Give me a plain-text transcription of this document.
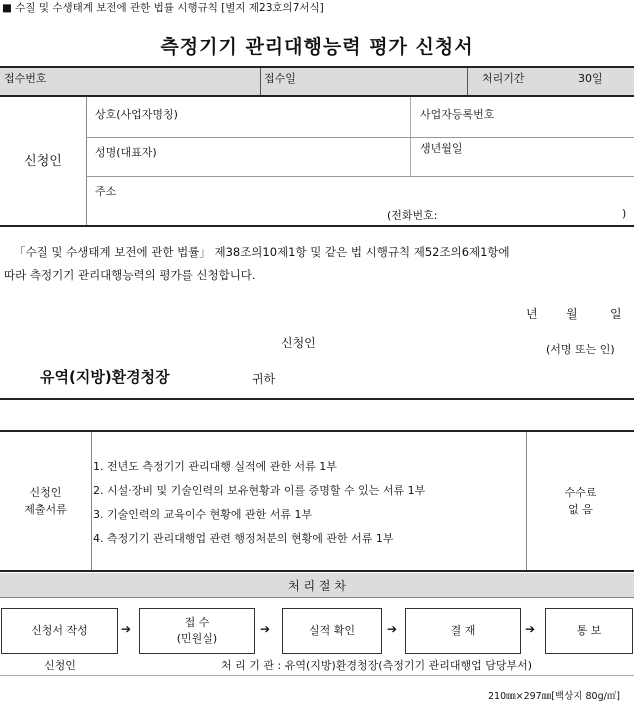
■ 수질 및 수생태계 보전에 관한 법률 시행규칙 [별지 제23호의7서식]
측정기기 관리대행능력 평가 신청서
접수번호	접수일	처리기간	30일
신청인
상호(사업자명칭)	사업자등록번호
성명(대표자)	생년월일
주소
(전화번호:	)
「수질 및 수생태계 보전에 관한 법률」 제38조의10제1항 및 같은 법 시행규칙 제52조의6제1항에
따라 측정기기 관리대행능력의 평가를 신청합니다.
년 월	일
신청인	(서명 또는 인)
유역(지방)환경청장	귀하
신청인
제출서류
1. 전년도 측정기기 관리대행 실적에 관한 서류 1부
2. 시설·장비 및 기술인력의 보유현황과 이를 증명할 수 있는 서류 1부
3. 기술인력의 교육이수 현황에 관한 서류 1부
4. 측정기기 관리대행업 관련 행정처분의 현황에 관한 서류 1부
수수료
없 음
처 리 절 차
신청서 작성	➔	접 수
(민원실)
➔	실적 확인	➔	결 재	➔	통 보
신청인	처 리 기 관 : 유역(지방)환경청장(측정기기 관리대행업 담당부서)
210㎜×297㎜[백상지 80g/㎡]
